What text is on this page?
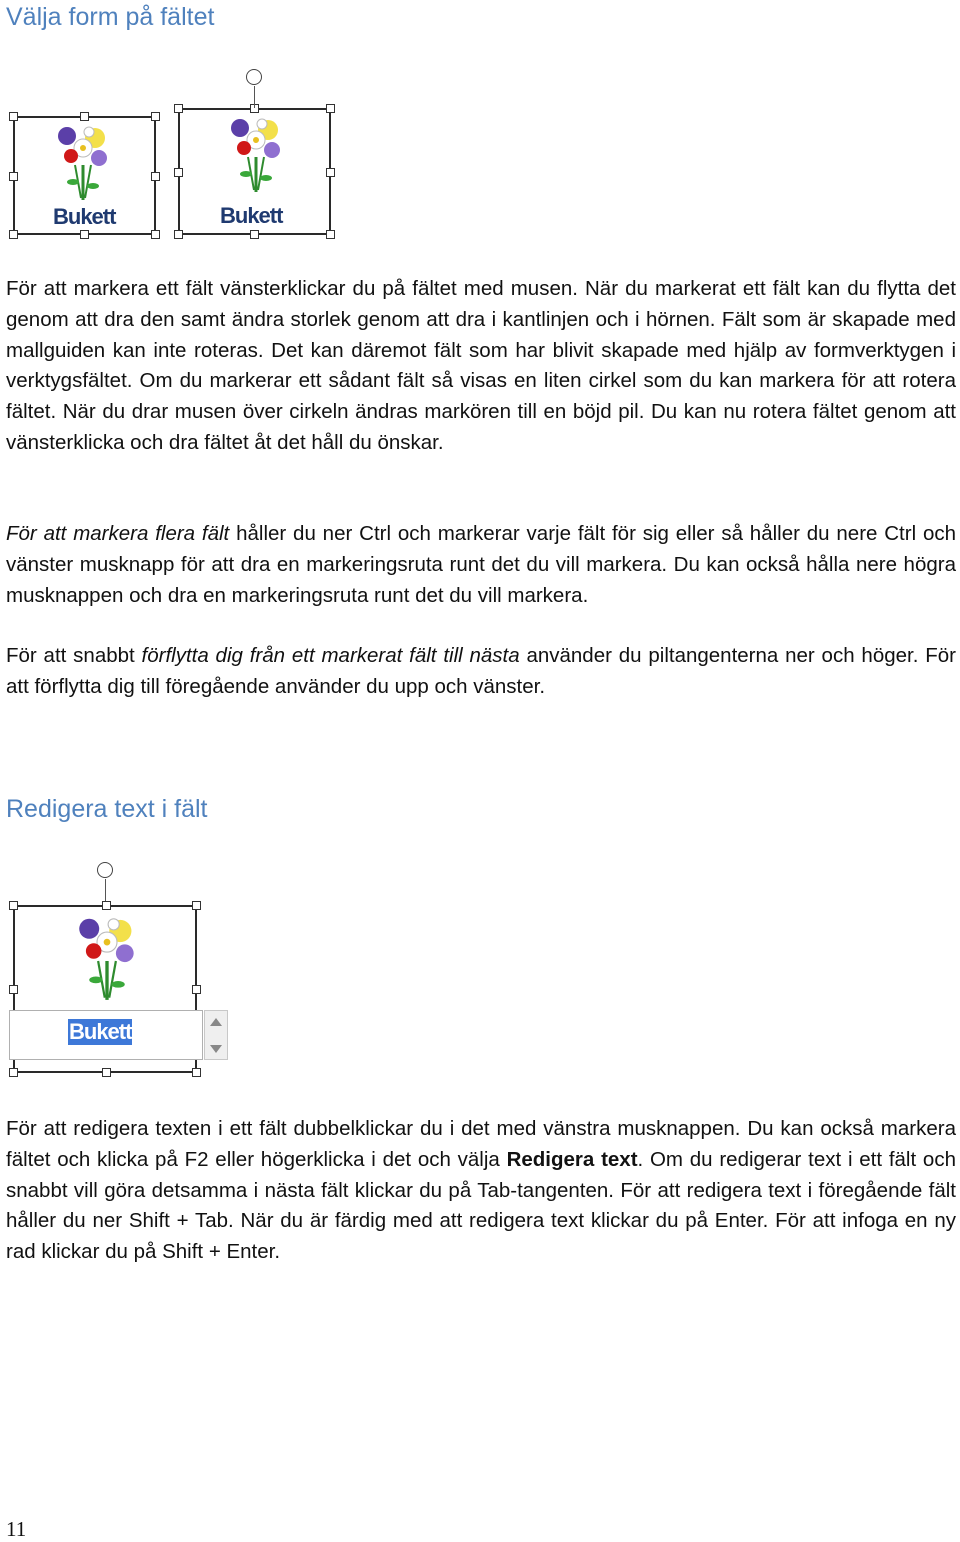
Välja form på fältet
Bukett	Bukett

För att markera ett fält vänsterklickar du på fältet med musen. När du markerat ett fält kan du flytta det genom att dra den samt ändra storlek genom att dra i kantlinjen och i hörnen. Fält som är skapade med mallguiden kan inte roteras. Det kan däremot fält som har blivit skapade med hjälp av formverktygen i verktygsfältet. Om du markerar ett sådant fält så visas en liten cirkel som du kan markera för att rotera fältet. När du drar musen över cirkeln ändras markören till en böjd pil. Du kan nu rotera fältet genom att vänsterklicka och dra fältet åt det håll du önskar.

För att markera flera fält håller du ner Ctrl och markerar varje fält för sig eller så håller du nere Ctrl och vänster musknapp för att dra en markeringsruta runt det du vill markera. Du kan också hålla nere högra musknappen och dra en markeringsruta runt det du vill markera.

För att snabbt förflytta dig från ett markerat fält till nästa använder du piltangenterna ner och höger. För att förflytta dig till föregående använder du upp och vänster.

Redigera text i fält
Bukett

För att redigera texten i ett fält dubbelklickar du i det med vänstra musknappen. Du kan också markera fältet och klicka på F2 eller högerklicka i det och välja Redigera text. Om du redigerar text i ett fält och snabbt vill göra detsamma i nästa fält klickar du på Tab-tangenten. För att redigera text i föregående fält håller du ner Shift + Tab. När du är färdig med att redigera text klickar du på Enter. För att infoga en ny rad klickar du på Shift + Enter.

11
